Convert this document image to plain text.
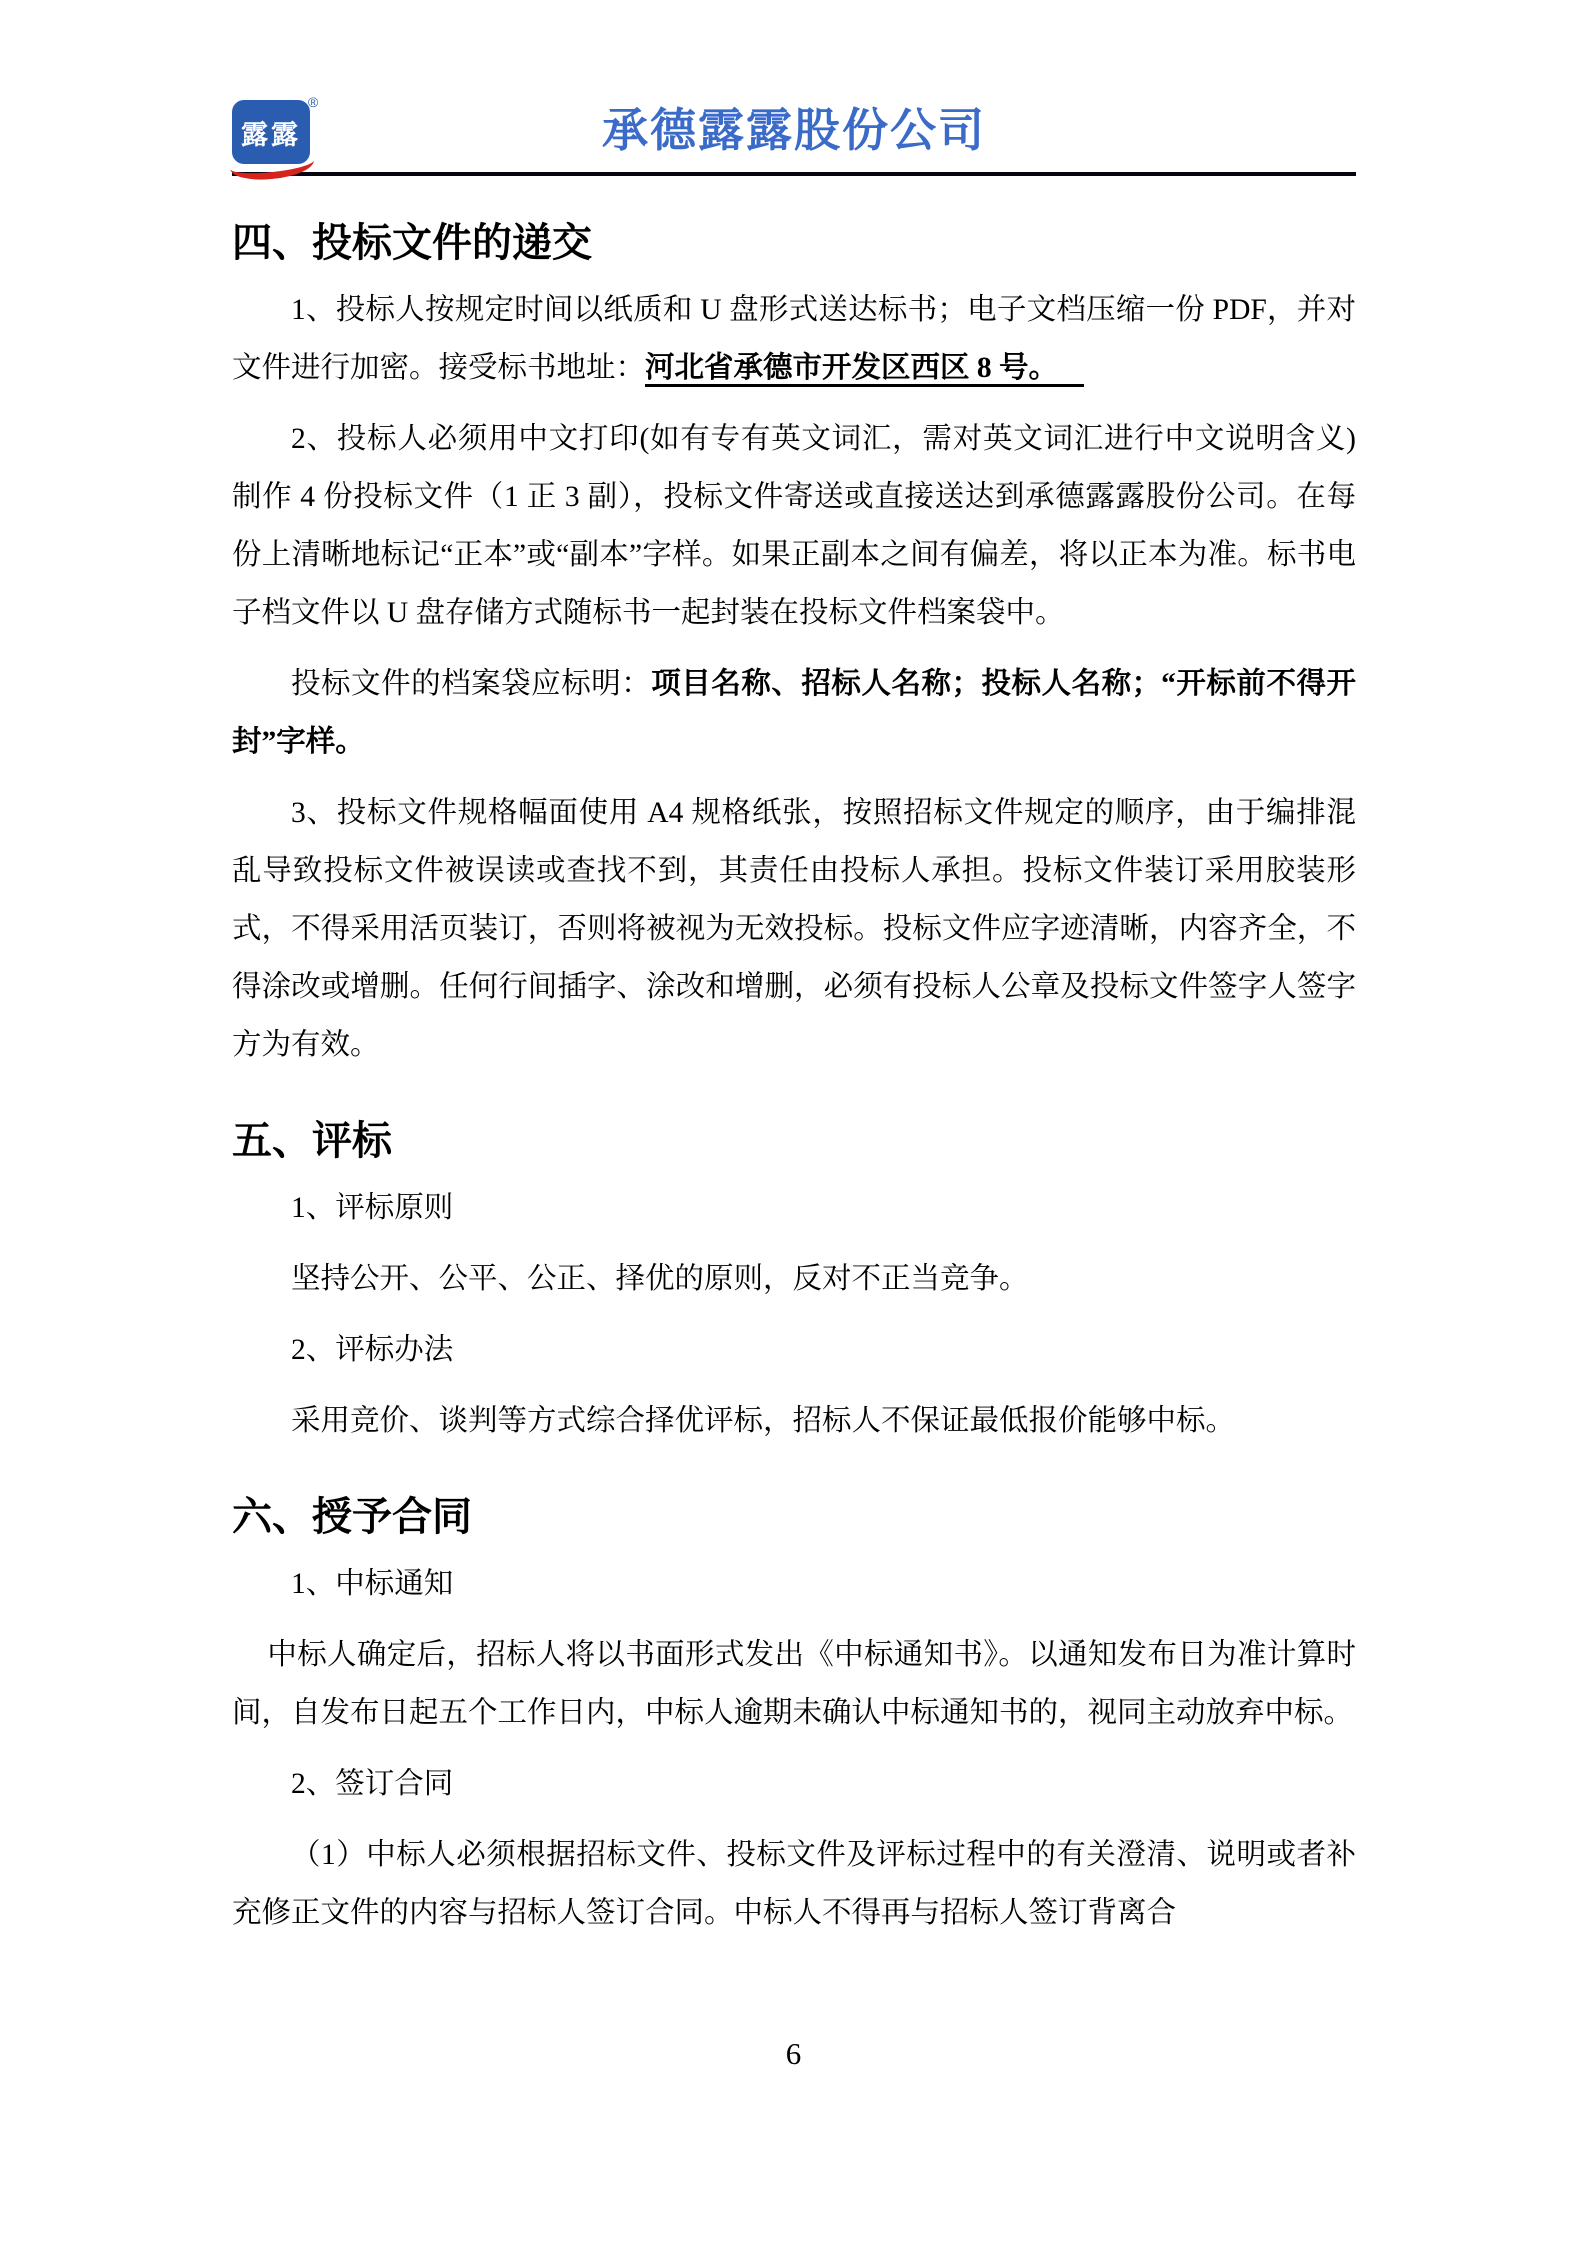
露露
®
承德露露股份公司
四、投标文件的递交

1、投标人按规定时间以纸质和 U 盘形式送达标书；电子文档压缩一份 PDF，并对文件进行加密。接受标书地址：河北省承德市开发区西区 8 号。

2、投标人必须用中文打印(如有专有英文词汇，需对英文词汇进行中文说明含义)制作 4 份投标文件（1 正 3 副），投标文件寄送或直接送达到承德露露股份公司。在每份上清晰地标记“正本”或“副本”字样。如果正副本之间有偏差，将以正本为准。标书电子档文件以 U 盘存储方式随标书一起封装在投标文件档案袋中。

投标文件的档案袋应标明：项目名称、招标人名称；投标人名称；“开标前不得开封”字样。

3、投标文件规格幅面使用 A4 规格纸张，按照招标文件规定的顺序，由于编排混乱导致投标文件被误读或查找不到，其责任由投标人承担。投标文件装订采用胶装形式，不得采用活页装订，否则将被视为无效投标。投标文件应字迹清晰，内容齐全，不得涂改或增删。任何行间插字、涂改和增删，必须有投标人公章及投标文件签字人签字方为有效。

五、评标

1、评标原则

坚持公开、公平、公正、择优的原则，反对不正当竞争。

2、评标办法

采用竞价、谈判等方式综合择优评标，招标人不保证最低报价能够中标。

六、授予合同

1、中标通知

中标人确定后，招标人将以书面形式发出《中标通知书》。以通知发布日为准计算时间，自发布日起五个工作日内，中标人逾期未确认中标通知书的，视同主动放弃中标。

2、签订合同

（1）中标人必须根据招标文件、投标文件及评标过程中的有关澄清、说明或者补充修正文件的内容与招标人签订合同。中标人不得再与招标人签订背离合

6
